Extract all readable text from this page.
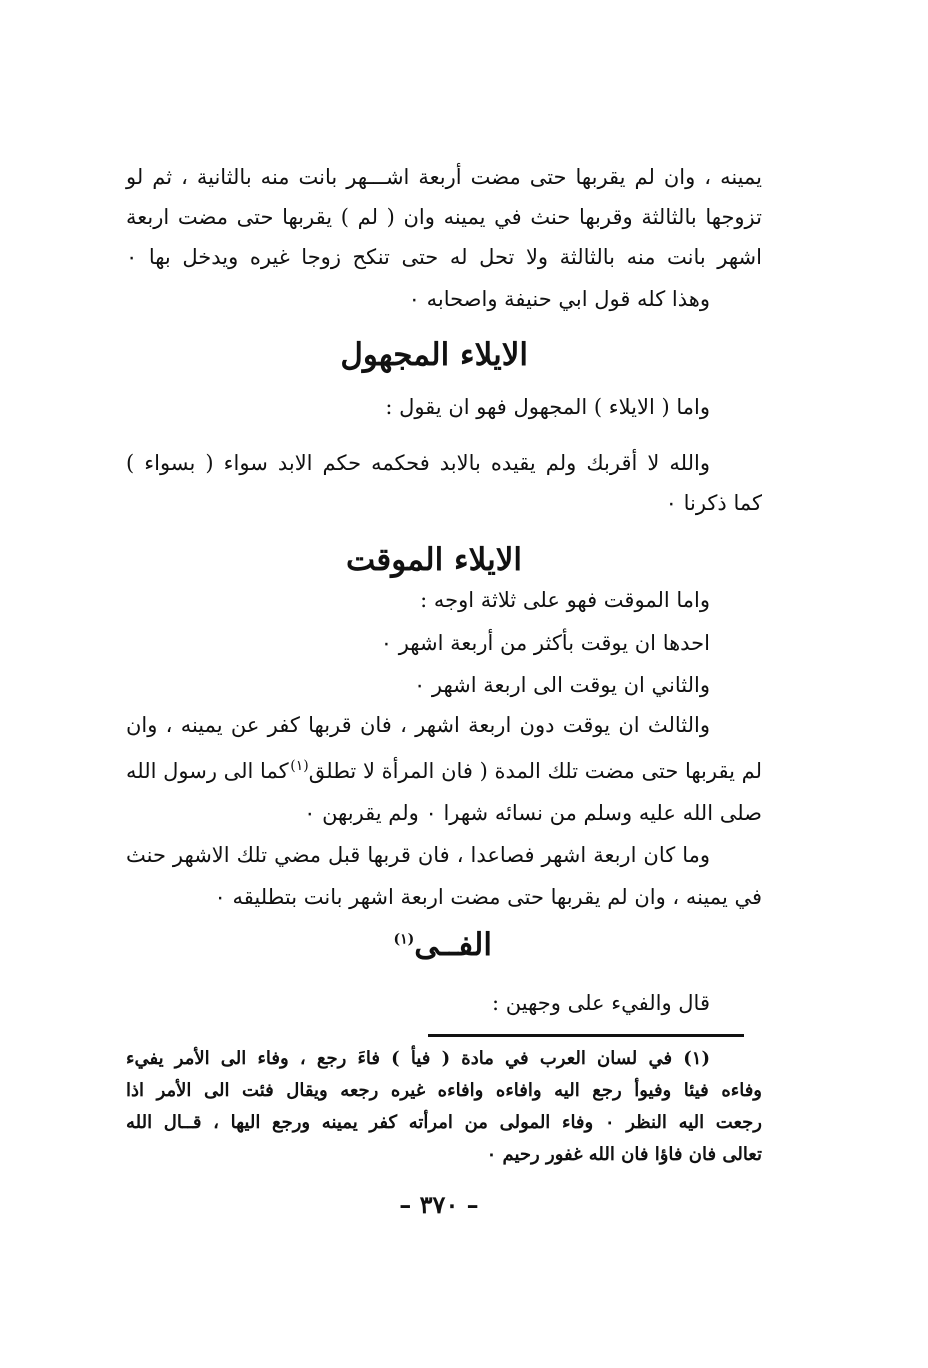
يمينه ، وان لم يقربها حتى مضت أربعة اشـــهر بانت منه بالثانية ، ثم لو
تزوجها بالثالثة وقربها حنث في يمينه وان ( لم ) يقربها حتى مضت اربعة
اشهر بانت منه بالثالثة ولا تحل له حتى تنكح زوجا غيره ويدخل بها ٠
وهذا كله قول ابي حنيفة واصحابه ٠
الايلاء المجهول
واما ( الايلاء ) المجهول فهو ان يقول :
والله لا أقربك ولم يقيده بالابد فحكمه حكم الابد سواء ( بسواء )
كما ذكرنا ٠
الايلاء الموقت
واما الموقت فهو على ثلاثة اوجه :
احدها ان يوقت بأكثر من أربعة اشهر ٠
والثاني ان يوقت الى اربعة اشهر ٠
والثالث ان يوقت دون اربعة اشهر ، فان قربها كفر عن يمينه ، وان
لم يقربها حتى مضت تلك المدة ( فان المرأة لا تطلق$^{(١)}$
كما الى رسول الله
صلى الله عليه وسلم من نسائه شهرا ٠ ولم يقربهن ٠
وما كان اربعة اشهر فصاعدا ، فان قربها قبل مضي تلك الاشهر حنث
في يمينه ، وان لم يقربها حتى مضت اربعة اشهر بانت بتطليقه ٠
الفــى$^{(١)}$
قال والفيء على وجهين :
(١) في لسان العرب في مادة ( فيأ ) فاءَ رجع ، وفاء الى الأمر يفيء
وفاءه فيئا وفيوأ رجع اليه وافاءه وافاءه غيره رجعه ويقال فئت الى الأمر اذا
رجعت اليه النظر ٠ وفاء المولى من امرأته كفر يمينه ورجع اليها ، قــال الله
تعالى فان فاؤا فان الله غفور رحيم ٠
– ٣٧٠ –
